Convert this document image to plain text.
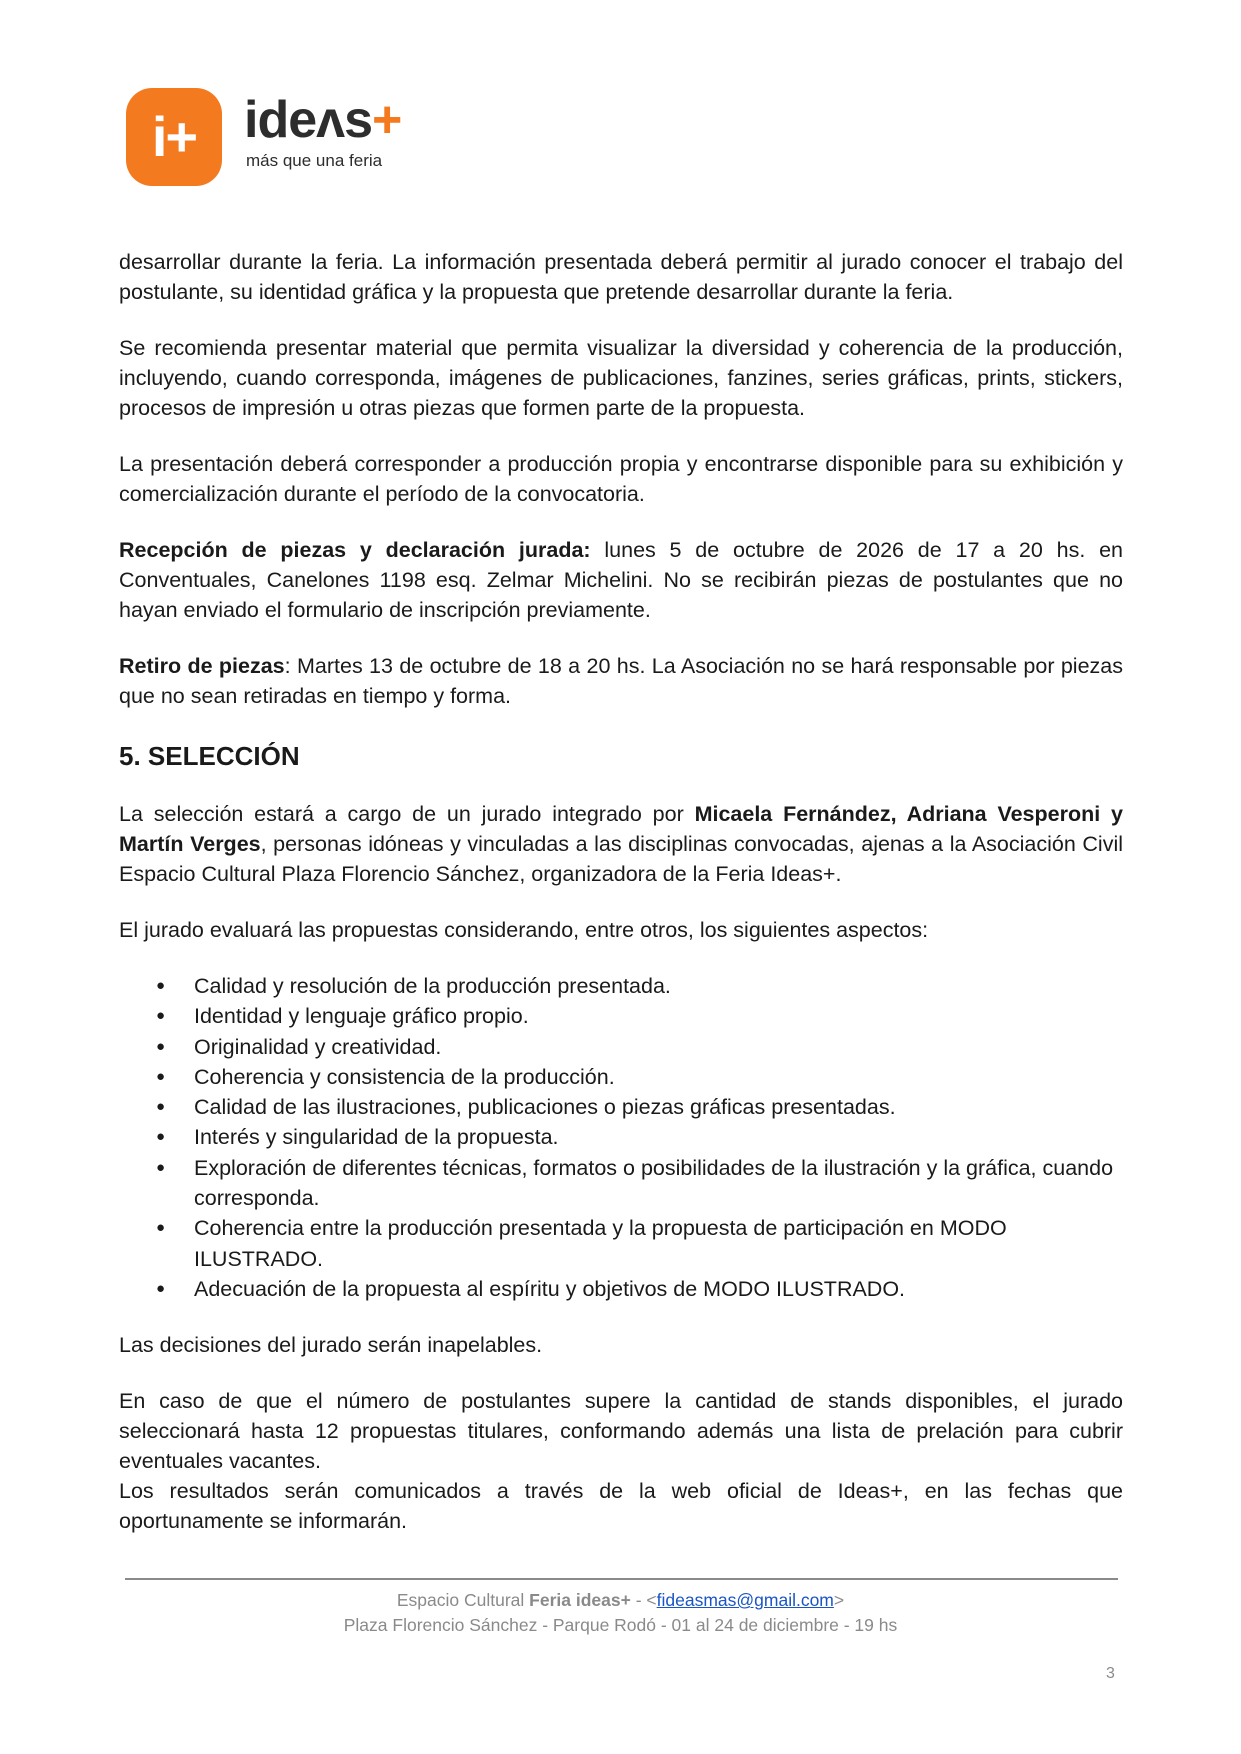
i+ ideʌs+
más que una feria

desarrollar durante la feria. La información presentada deberá permitir al jurado conocer el trabajo del postulante, su identidad gráfica y la propuesta que pretende desarrollar durante la feria.

Se recomienda presentar material que permita visualizar la diversidad y coherencia de la producción, incluyendo, cuando corresponda, imágenes de publicaciones, fanzines, series gráficas, prints, stickers, procesos de impresión u otras piezas que formen parte de la propuesta.

La presentación deberá corresponder a producción propia y encontrarse disponible para su exhibición y comercialización durante el período de la convocatoria.

Recepción de piezas y declaración jurada: lunes 5 de octubre de 2026 de 17 a 20 hs. en Conventuales, Canelones 1198 esq. Zelmar Michelini. No se recibirán piezas de postulantes que no hayan enviado el formulario de inscripción previamente.

Retiro de piezas: Martes 13 de octubre de 18 a 20 hs. La Asociación no se hará responsable por piezas que no sean retiradas en tiempo y forma.

5. SELECCIÓN

La selección estará a cargo de un jurado integrado por Micaela Fernández, Adriana Vesperoni y Martín Verges, personas idóneas y vinculadas a las disciplinas convocadas, ajenas a la Asociación Civil Espacio Cultural Plaza Florencio Sánchez, organizadora de la Feria Ideas+.

El jurado evaluará las propuestas considerando, entre otros, los siguientes aspectos:

● Calidad y resolución de la producción presentada.
● Identidad y lenguaje gráfico propio.
● Originalidad y creatividad.
● Coherencia y consistencia de la producción.
● Calidad de las ilustraciones, publicaciones o piezas gráficas presentadas.
● Interés y singularidad de la propuesta.
● Exploración de diferentes técnicas, formatos o posibilidades de la ilustración y la gráfica, cuando corresponda.
● Coherencia entre la producción presentada y la propuesta de participación en MODO ILUSTRADO.
● Adecuación de la propuesta al espíritu y objetivos de MODO ILUSTRADO.

Las decisiones del jurado serán inapelables.

En caso de que el número de postulantes supere la cantidad de stands disponibles, el jurado seleccionará hasta 12 propuestas titulares, conformando además una lista de prelación para cubrir eventuales vacantes.

Los resultados serán comunicados a través de la web oficial de Ideas+, en las fechas que oportunamente se informarán.

Espacio Cultural Feria ideas+ - <fideasmas@gmail.com>
Plaza Florencio Sánchez - Parque Rodó - 01 al 24 de diciembre - 19 hs
3
